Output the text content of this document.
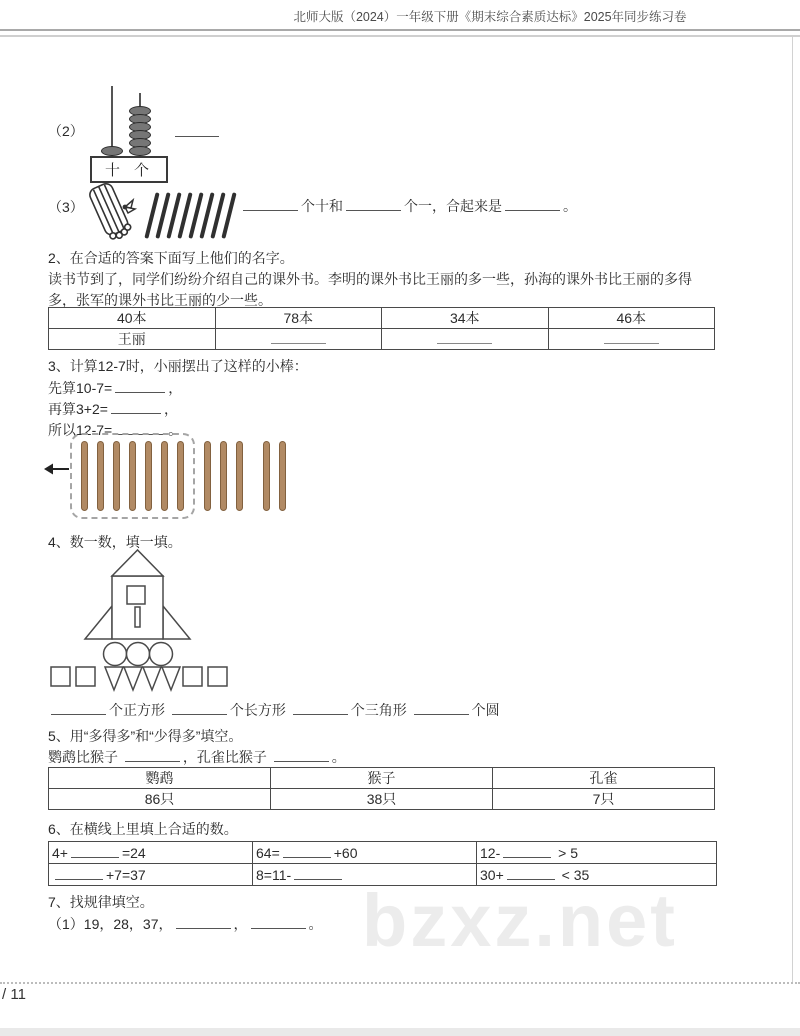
北师大版（2024）一年级下册《期末综合素质达标》2025年同步练习卷
（2）
十 个
（3）	个十和	个一，合起来是	。
2、在合适的答案下面写上他们的名字。
读书节到了，同学们纷纷介绍自己的课外书。李明的课外书比王丽的多一些，孙海的课外书比王丽的多得多，张军的课外书比王丽的少一些。
40本	78本	34本	46本
王丽			
3、计算12-7时，小丽摆出了这样的小棒：
先算10-7=	，
再算3+2=	，
所以12-7=	。
4、数一数，填一填。
个正方形	个长方形	个三角形	个圆
5、用“多得多”和“少得多”填空。
鹦鹉比猴子	，孔雀比猴子	。
鹦鹉	猴子	孔雀
86只	38只	7只
6、在横线上里填上合适的数。
4+ =24	64= +60	12- > 5
+7=37	8=11-	30+ < 35
7、找规律填空。
（1）19，28，37，	，	。 bzxz.net
/ 11
